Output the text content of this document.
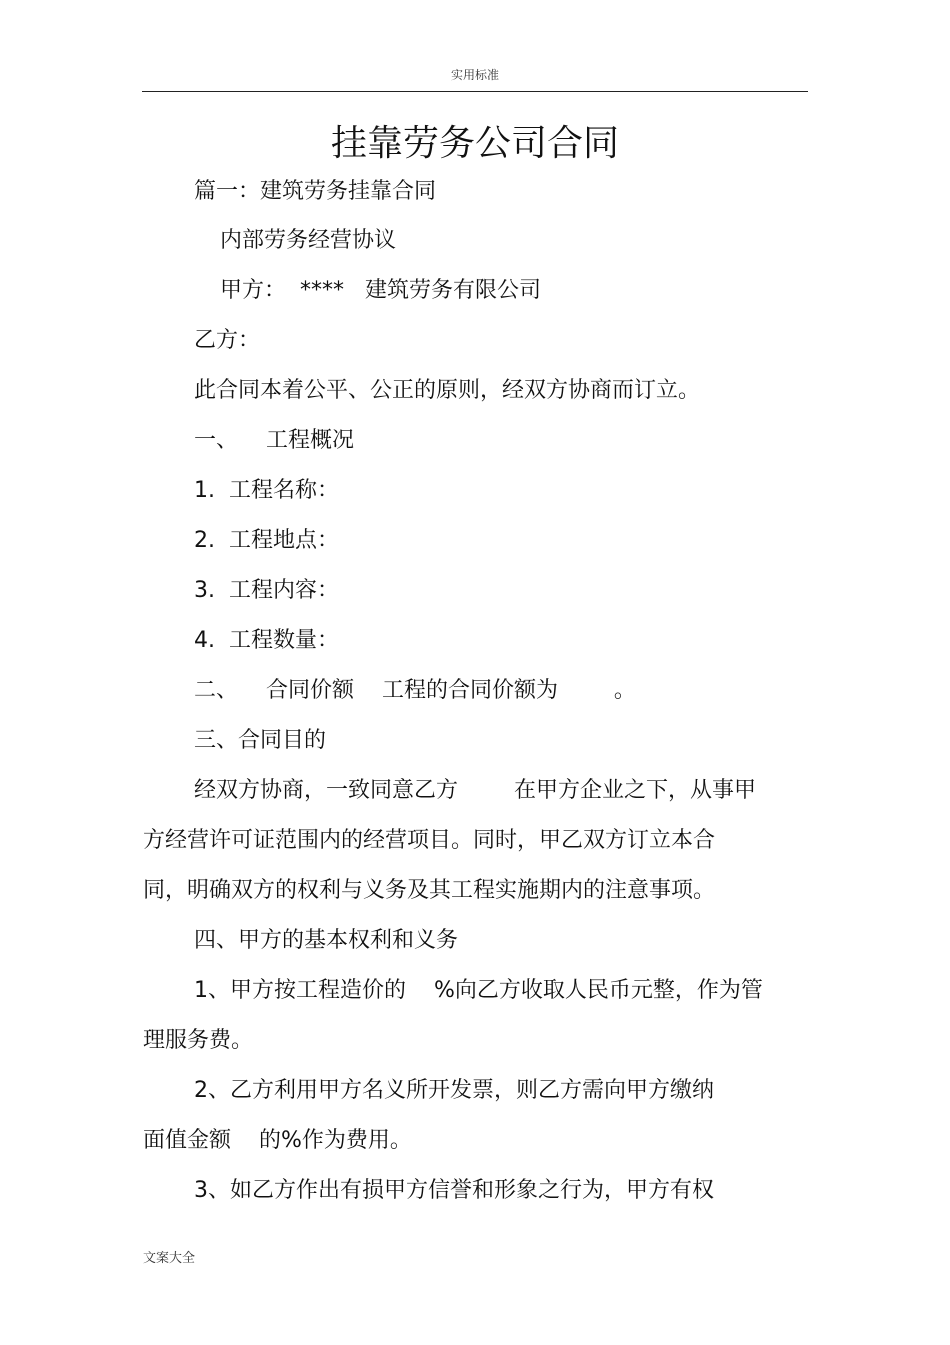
实用标准
挂靠劳务公司合同
篇一：建筑劳务挂靠合同
内部劳务经营协议
甲方：  ****   建筑劳务有限公司
乙方：
此合同本着公平、公正的原则，经双方协商而订立。
一、    工程概况
1.  工程名称：
2.  工程地点：
3.  工程内容：
4.  工程数量：
二、    合同价额    工程的合同价额为        。
三、合同目的
经双方协商，一致同意乙方        在甲方企业之下，从事甲
方经营许可证范围内的经营项目。同时，甲乙双方订立本合
同，明确双方的权利与义务及其工程实施期内的注意事项。
四、甲方的基本权利和义务
1、甲方按工程造价的    %向乙方收取人民币元整，作为管
理服务费。
2、乙方利用甲方名义所开发票，则乙方需向甲方缴纳
面值金额    的%作为费用。
3、如乙方作出有损甲方信誉和形象之行为，甲方有权
文案大全
